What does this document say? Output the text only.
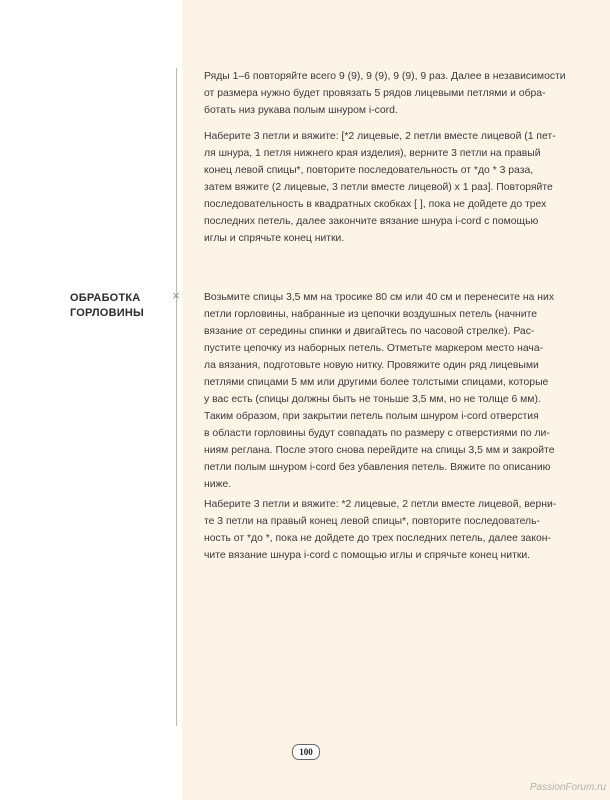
×
ОБРАБОТКА
ГОРЛОВИНЫ
Ряды 1–6 повторяйте всего 9 (9), 9 (9), 9 (9), 9 раз. Далее в независимости
от размера нужно будет провязать 5 рядов лицевыми петлями и обра-
ботать низ рукава полым шнуром i-cord.
Наберите 3 петли и вяжите: [*2 лицевые, 2 петли вместе лицевой (1 пет-
ля шнура, 1 петля нижнего края изделия), верните 3 петли на правый
конец левой спицы*, повторите последовательность от *до * 3 раза,
затем вяжите (2 лицевые, 3 петли вместе лицевой) х 1 раз]. Повторяйте
последовательность в квадратных скобках [ ], пока не дойдете до трех
последних петель, далее закончите вязание шнура i-cord с помощью
иглы и спрячьте конец нитки.
Возьмите спицы 3,5 мм на тросике 80 см или 40 см и перенесите на них
петли горловины, набранные из цепочки воздушных петель (начните
вязание от середины спинки и двигайтесь по часовой стрелке). Рас-
пустите цепочку из наборных петель. Отметьте маркером место нача-
ла вязания, подготовьте новую нитку. Провяжите один ряд лицевыми
петлями спицами 5 мм или другими более толстыми спицами, которые
у вас есть (спицы должны быть не тоньше 3,5 мм, но не толще 6 мм).
Таким образом, при закрытии петель полым шнуром i-cord отверстия
в области горловины будут совпадать по размеру с отверстиями по ли-
ниям реглана. После этого снова перейдите на спицы 3,5 мм и закройте
петли полым шнуром i-cord без убавления петель. Вяжите по описанию
ниже.
Наберите 3 петли и вяжите: *2 лицевые, 2 петли вместе лицевой, верни-
те 3 петли на правый конец левой спицы*, повторите последователь-
ность от *до *, пока не дойдете до трех последних петель, далее закон-
чите вязание шнура i-cord с помощью иглы и спрячьте конец нитки.
100
PassionForum.ru
